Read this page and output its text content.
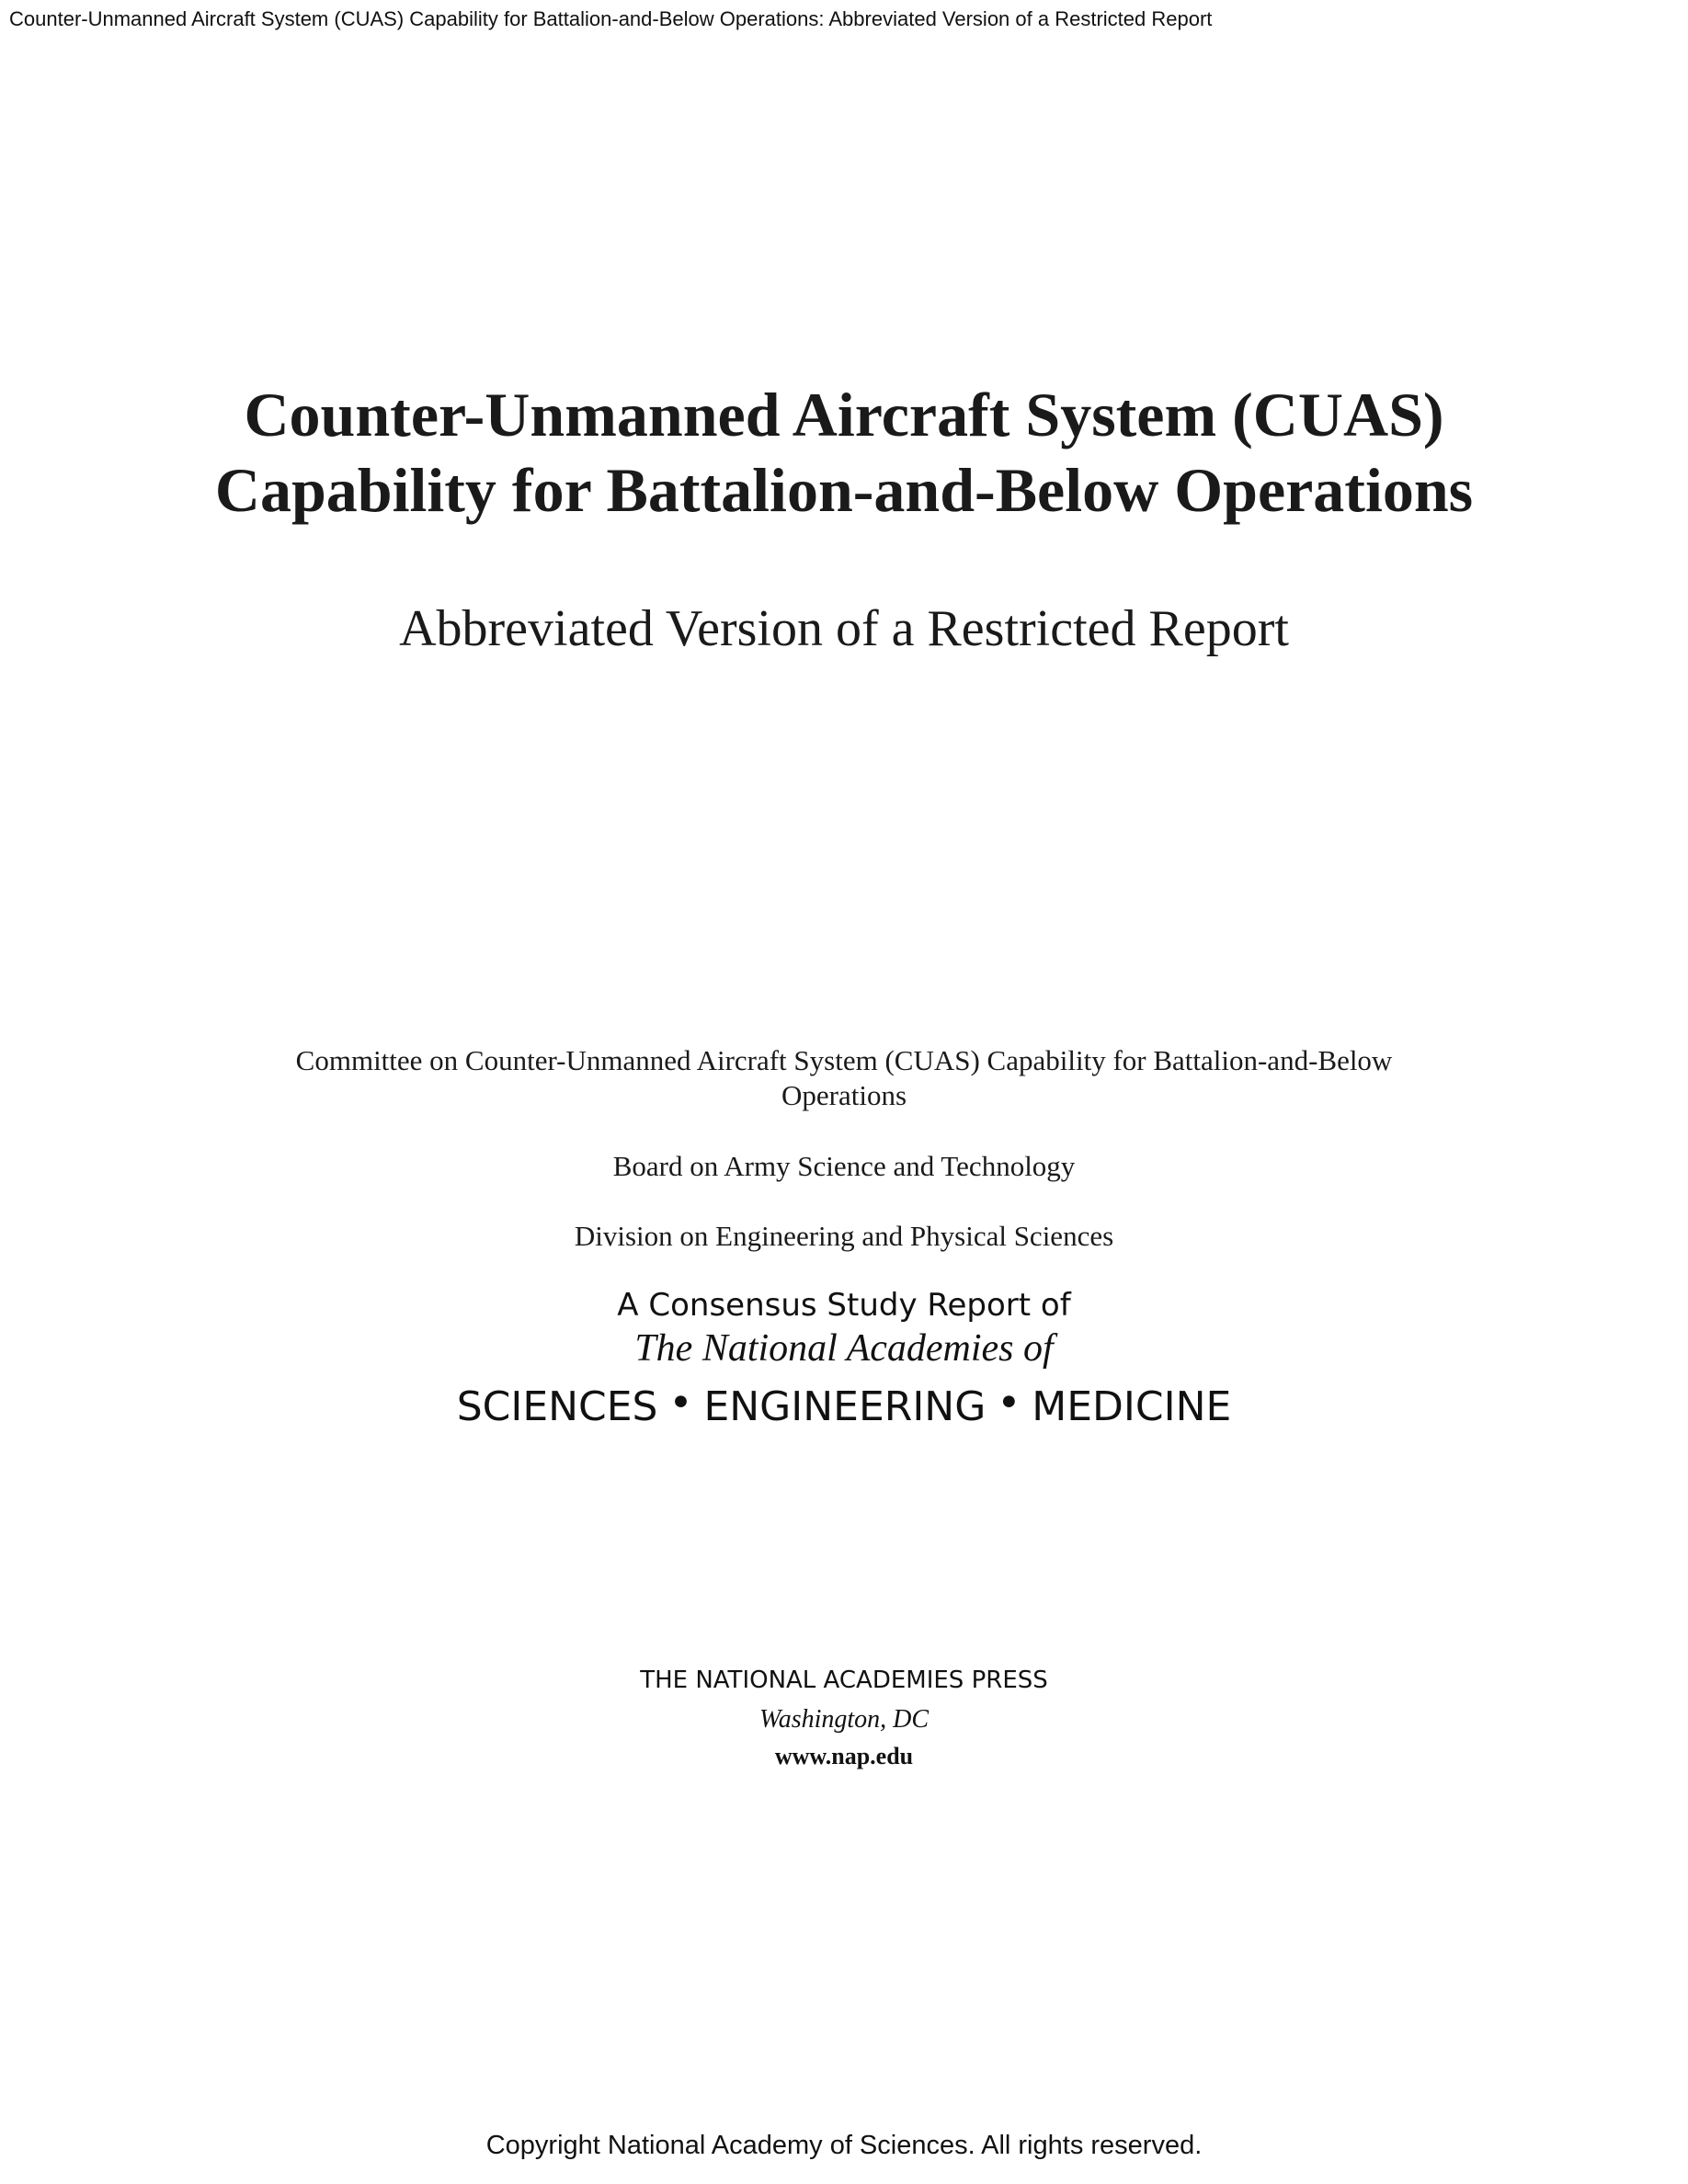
Counter-Unmanned Aircraft System (CUAS) Capability for Battalion-and-Below Operations: Abbreviated Version of a Restricted Report
Counter-Unmanned Aircraft System (CUAS)
Capability for Battalion-and-Below Operations
Abbreviated Version of a Restricted Report
Committee on Counter-Unmanned Aircraft System (CUAS) Capability for Battalion-and-Below
Operations
Board on Army Science and Technology
Division on Engineering and Physical Sciences
A Consensus Study Report of
The National Academies of
SCIENCES • ENGINEERING • MEDICINE
THE NATIONAL ACADEMIES PRESS
Washington, DC
www.nap.edu
Copyright National Academy of Sciences. All rights reserved.
